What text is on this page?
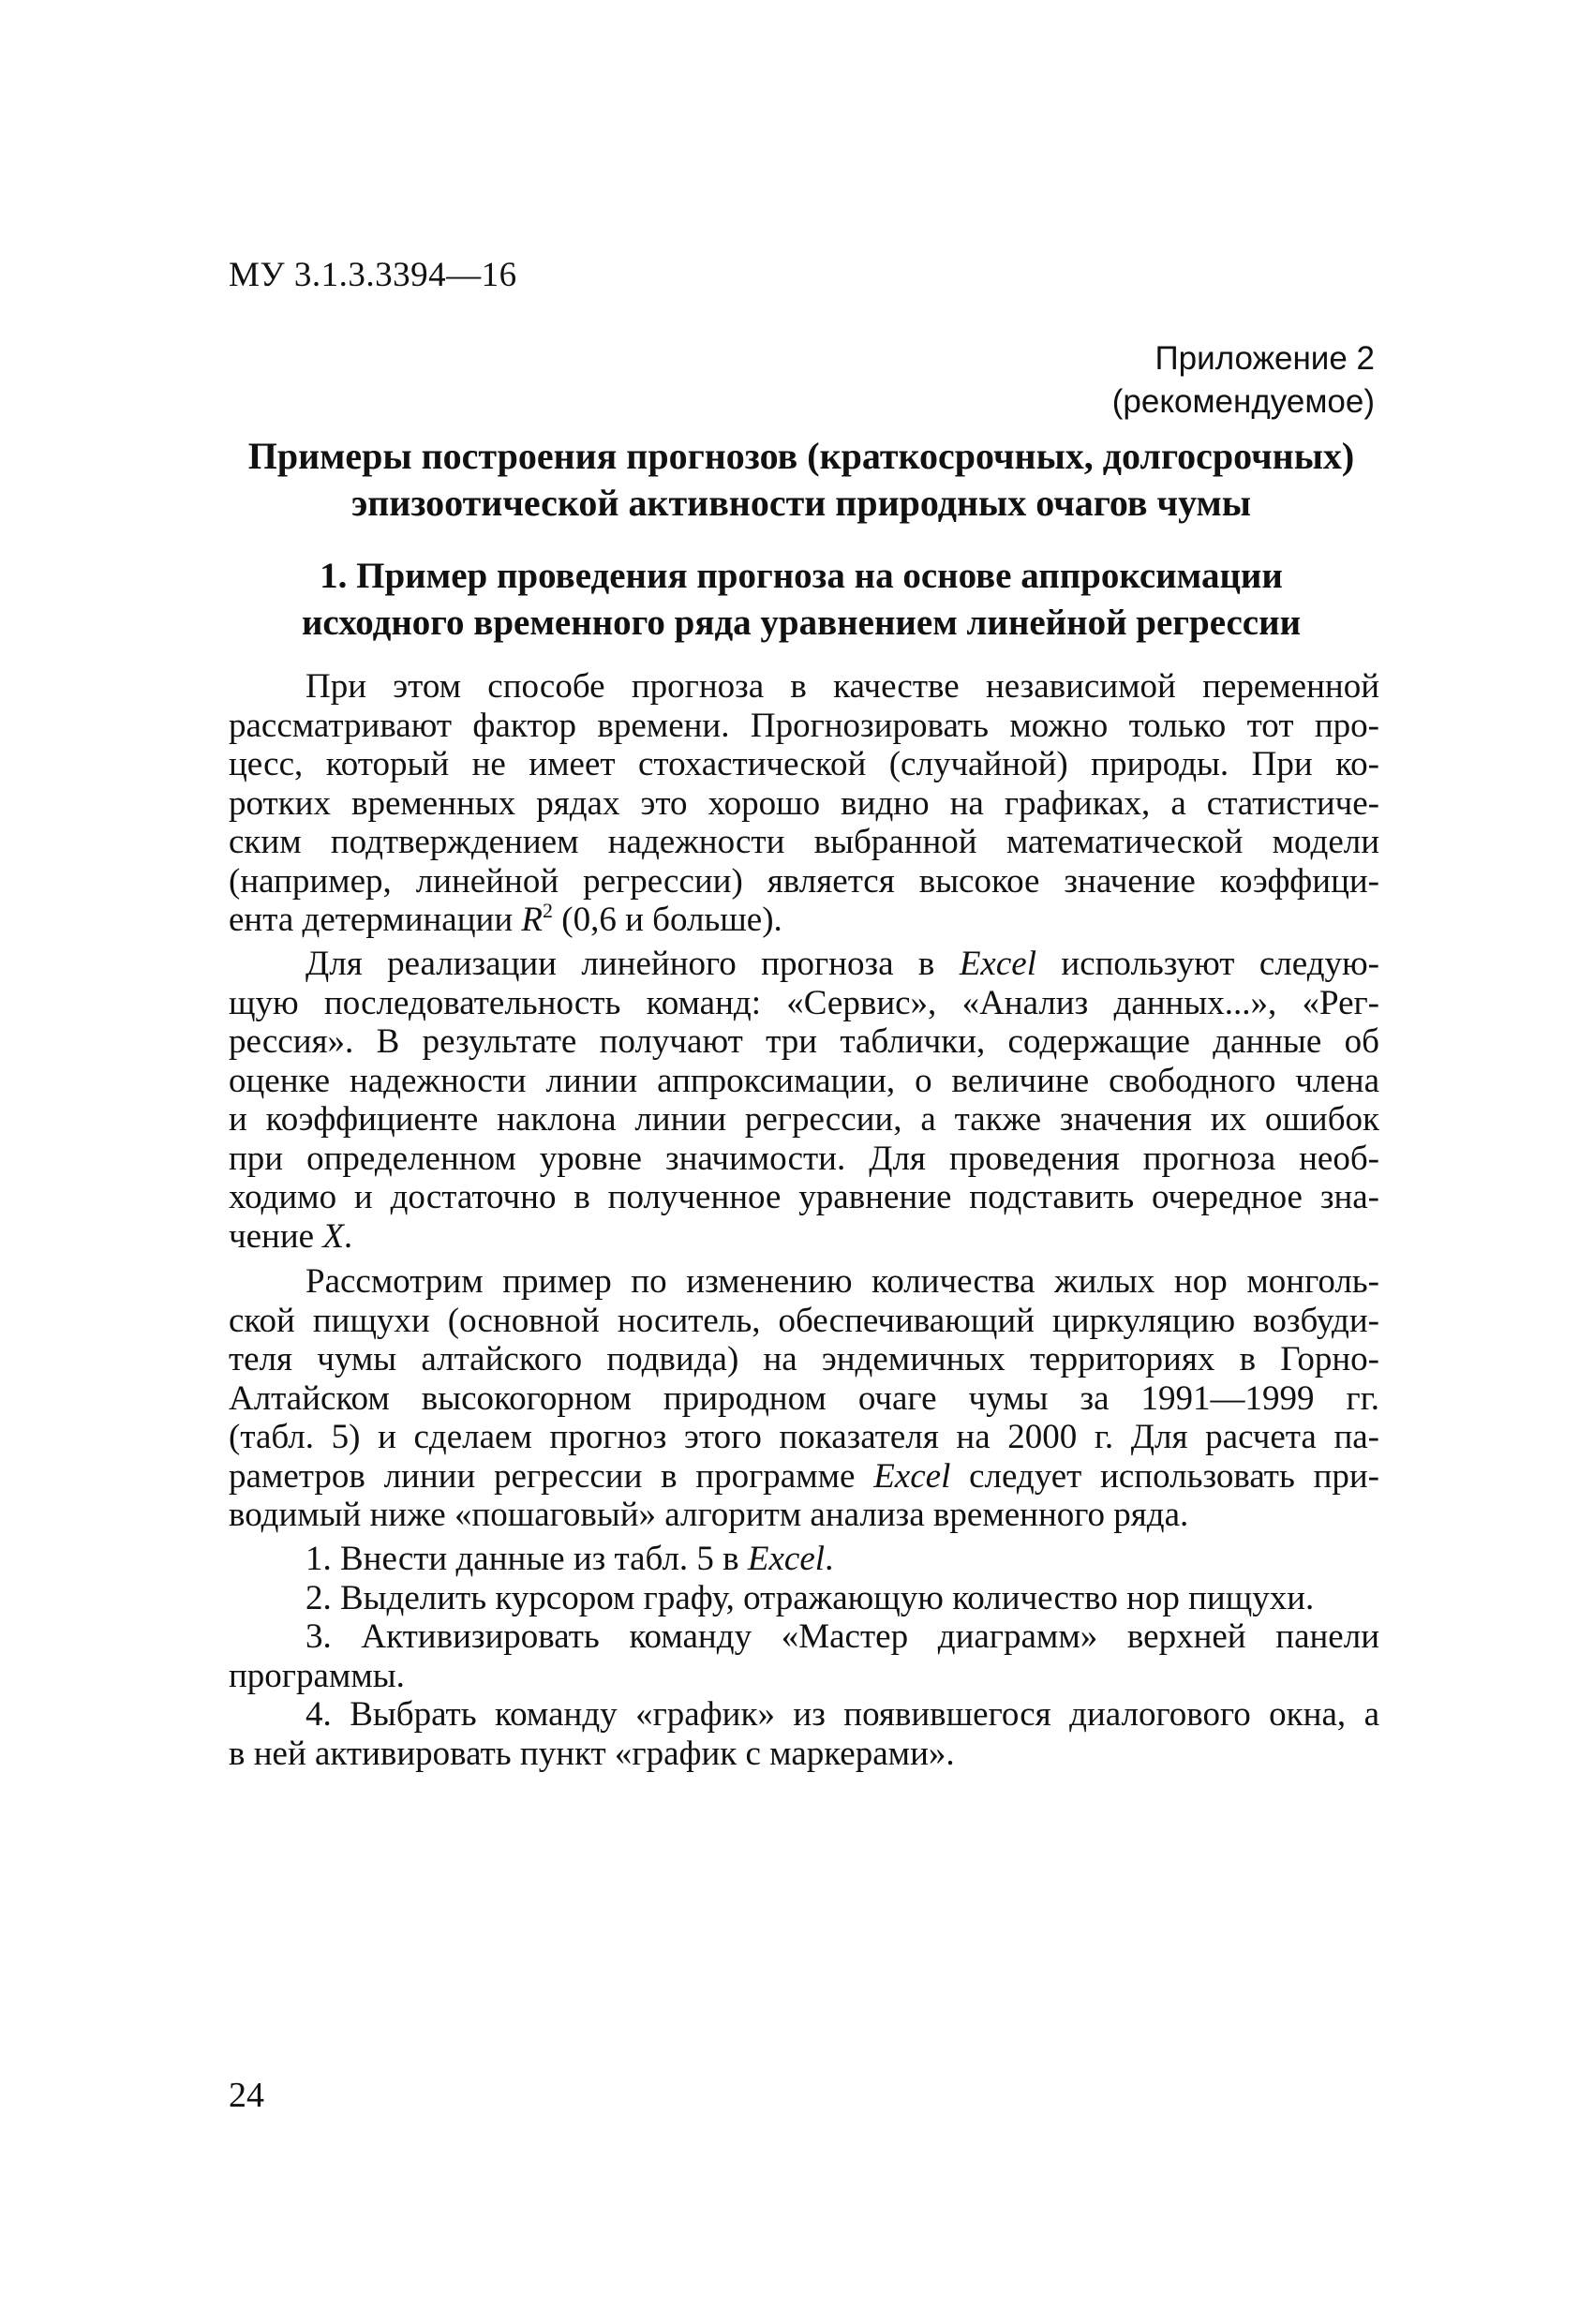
МУ 3.1.3.3394—16
Приложение 2
(рекомендуемое)
Примеры построения прогнозов (краткосрочных, долгосрочных)
эпизоотической активности природных очагов чумы
1. Пример проведения прогноза на основе аппроксимации
исходного временного ряда уравнением линейной регрессии
При этом способе прогноза в качестве независимой переменной
рассматривают фактор времени. Прогнозировать можно только тот про-
цесс, который не имеет стохастической (случайной) природы. При ко-
ротких временных рядах это хорошо видно на графиках, а статистиче-
ским подтверждением надежности выбранной математической модели
(например, линейной регрессии) является высокое значение коэффици-
ента детерминации $R^2$ (0,6 и больше).
Для реализации линейного прогноза в Excel используют следую-
щую последовательность команд: «Сервис», «Анализ данных...», «Рег-
рессия». В результате получают три таблички, содержащие данные об
оценке надежности линии аппроксимации, о величине свободного члена
и коэффициенте наклона линии регрессии, а также значения их ошибок
при определенном уровне значимости. Для проведения прогноза необ-
ходимо и достаточно в полученное уравнение подставить очередное зна-
чение X.
Рассмотрим пример по изменению количества жилых нор монголь-
ской пищухи (основной носитель, обеспечивающий циркуляцию возбуди-
теля чумы алтайского подвида) на эндемичных территориях в Горно-
Алтайском высокогорном природном очаге чумы за 1991—1999 гг.
(табл. 5) и сделаем прогноз этого показателя на 2000 г. Для расчета па-
раметров линии регрессии в программе Excel следует использовать при-
водимый ниже «пошаговый» алгоритм анализа временного ряда.
1. Внести данные из табл. 5 в Excel.
2. Выделить курсором графу, отражающую количество нор пищухи.
3. Активизировать команду «Мастер диаграмм» верхней панели
программы.
4. Выбрать команду «график» из появившегося диалогового окна, а
в ней активировать пункт «график с маркерами».
24
